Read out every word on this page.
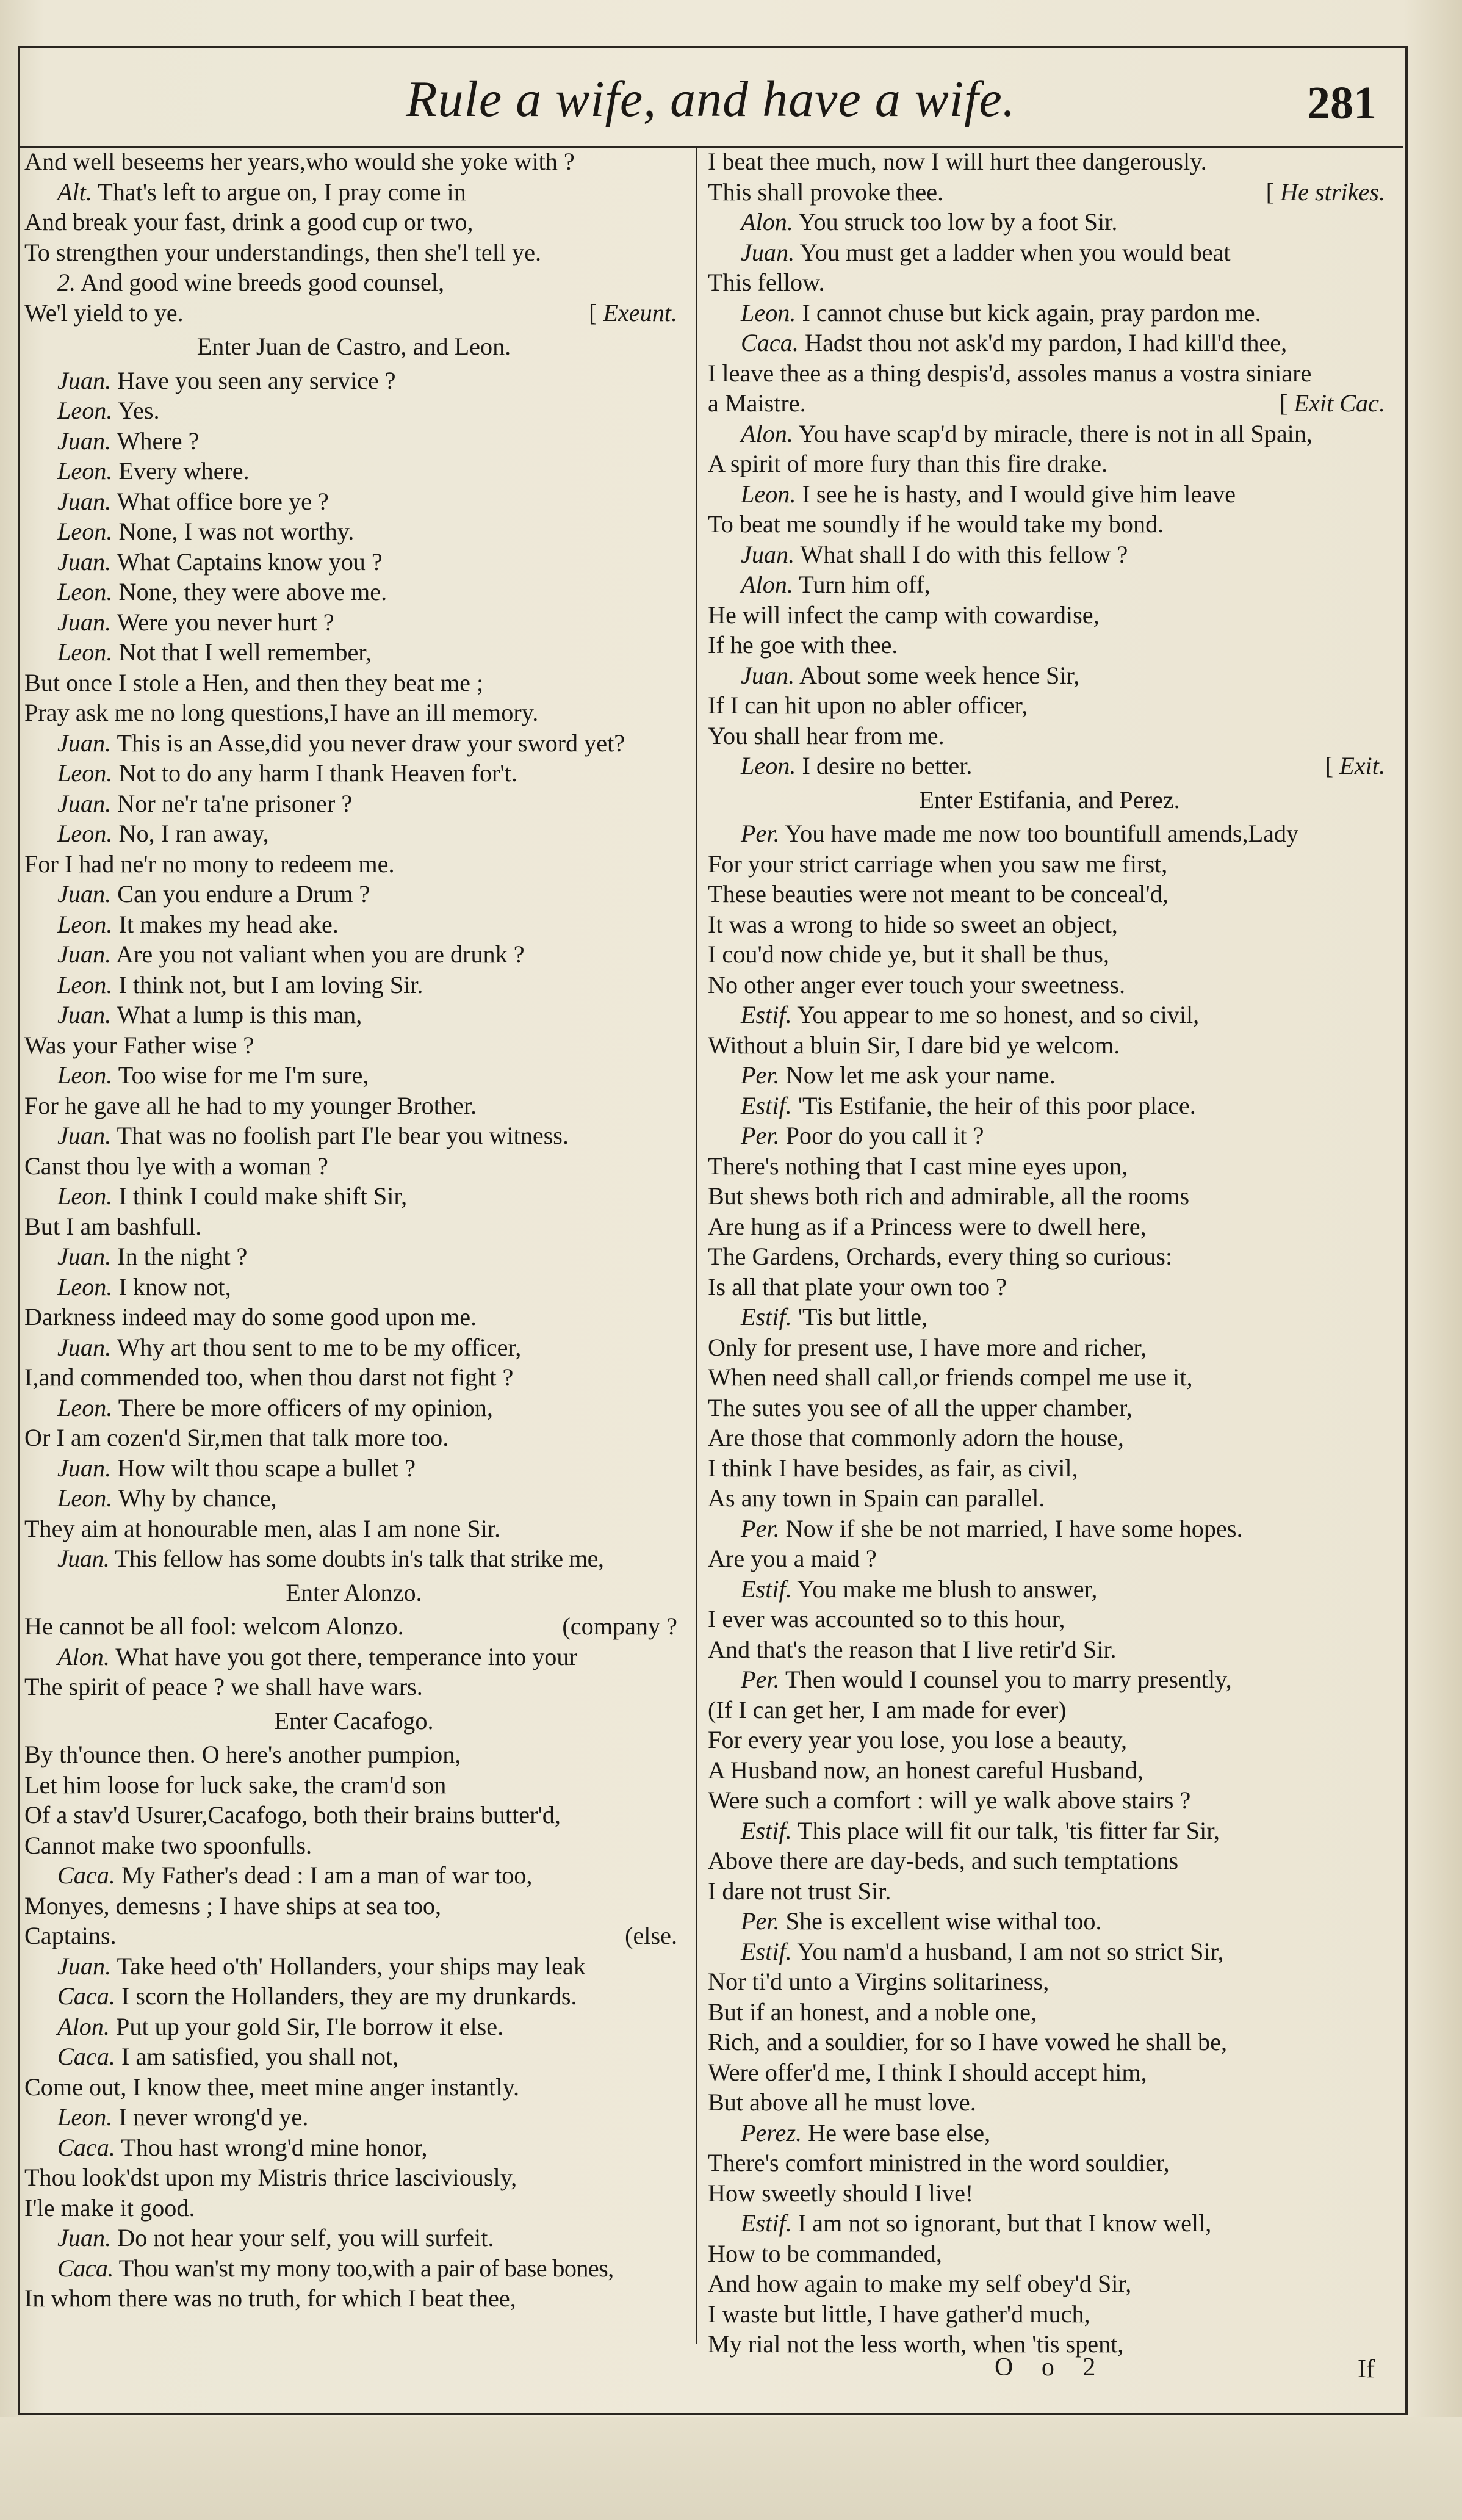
Rule a wife, and have a wife.	281
And well beseems her years,who would she yoke with ?
Alt. That's left to argue on, I pray come in
And break your fast, drink a good cup or two,
To strengthen your understandings, then she'l tell ye.
2. And good wine breeds good counsel,
We'l yield to ye.	[ Exeunt.
Enter Juan de Castro, and Leon.
Juan. Have you seen any service ?
Leon. Yes.
Juan. Where ?
Leon. Every where.
Juan. What office bore ye ?
Leon. None, I was not worthy.
Juan. What Captains know you ?
Leon. None, they were above me.
Juan. Were you never hurt ?
Leon. Not that I well remember,
But once I stole a Hen, and then they beat me ;
Pray ask me no long questions,I have an ill memory.
Juan. This is an Asse,did you never draw your sword yet?
Leon. Not to do any harm I thank Heaven for't.
Juan. Nor ne'r ta'ne prisoner ?
Leon. No, I ran away,
For I had ne'r no mony to redeem me.
Juan. Can you endure a Drum ?
Leon. It makes my head ake.
Juan. Are you not valiant when you are drunk ?
Leon. I think not, but I am loving Sir.
Juan. What a lump is this man,
Was your Father wise ?
Leon. Too wise for me I'm sure,
For he gave all he had to my younger Brother.
Juan. That was no foolish part I'le bear you witness.
Canst thou lye with a woman ?
Leon. I think I could make shift Sir,
But I am bashfull.
Juan. In the night ?
Leon. I know not,
Darkness indeed may do some good upon me.
Juan. Why art thou sent to me to be my officer,
I,and commended too, when thou darst not fight ?
Leon. There be more officers of my opinion,
Or I am cozen'd Sir,men that talk more too.
Juan. How wilt thou scape a bullet ?
Leon. Why by chance,
They aim at honourable men, alas I am none Sir.
Juan. This fellow has some doubts in's talk that strike me,
Enter Alonzo.
He cannot be all fool: welcom Alonzo.	(company ?
Alon. What have you got there, temperance into your
The spirit of peace ? we shall have wars.
Enter Cacafogo.
By th'ounce then. O here's another pumpion,
Let him loose for luck sake, the cram'd son
Of a stav'd Usurer,Cacafogo, both their brains butter'd,
Cannot make two spoonfulls.
Caca. My Father's dead : I am a man of war too,
Monyes, demesns ; I have ships at sea too,
Captains.	(else.
Juan. Take heed o'th' Hollanders, your ships may leak
Caca. I scorn the Hollanders, they are my drunkards.
Alon. Put up your gold Sir, I'le borrow it else.
Caca. I am satisfied, you shall not,
Come out, I know thee, meet mine anger instantly.
Leon. I never wrong'd ye.
Caca. Thou hast wrong'd mine honor,
Thou look'dst upon my Mistris thrice lasciviously,
I'le make it good.
Juan. Do not hear your self, you will surfeit.
Caca. Thou wan'st my mony too,with a pair of base bones,
In whom there was no truth, for which I beat thee,
I beat thee much, now I will hurt thee dangerously.
This shall provoke thee.	[ He strikes.
Alon. You struck too low by a foot Sir.
Juan. You must get a ladder when you would beat
This fellow.
Leon. I cannot chuse but kick again, pray pardon me.
Caca. Hadst thou not ask'd my pardon, I had kill'd thee,
I leave thee as a thing despis'd, assoles manus a vostra siniare
a Maistre.	[ Exit Cac.
Alon. You have scap'd by miracle, there is not in all Spain,
A spirit of more fury than this fire drake.
Leon. I see he is hasty, and I would give him leave
To beat me soundly if he would take my bond.
Juan. What shall I do with this fellow ?
Alon. Turn him off,
He will infect the camp with cowardise,
If he goe with thee.
Juan. About some week hence Sir,
If I can hit upon no abler officer,
You shall hear from me.
Leon. I desire no better.	[ Exit.
Enter Estifania, and Perez.
Per. You have made me now too bountifull amends,Lady
For your strict carriage when you saw me first,
These beauties were not meant to be conceal'd,
It was a wrong to hide so sweet an object,
I cou'd now chide ye, but it shall be thus,
No other anger ever touch your sweetness.
Estif. You appear to me so honest, and so civil,
Without a bluin Sir, I dare bid ye welcom.
Per. Now let me ask your name.
Estif. 'Tis Estifanie, the heir of this poor place.
Per. Poor do you call it ?
There's nothing that I cast mine eyes upon,
But shews both rich and admirable, all the rooms
Are hung as if a Princess were to dwell here,
The Gardens, Orchards, every thing so curious:
Is all that plate your own too ?
Estif. 'Tis but little,
Only for present use, I have more and richer,
When need shall call,or friends compel me use it,
The sutes you see of all the upper chamber,
Are those that commonly adorn the house,
I think I have besides, as fair, as civil,
As any town in Spain can parallel.
Per. Now if she be not married, I have some hopes.
Are you a maid ?
Estif. You make me blush to answer,
I ever was accounted so to this hour,
And that's the reason that I live retir'd Sir.
Per. Then would I counsel you to marry presently,
(If I can get her, I am made for ever)
For every year you lose, you lose a beauty,
A Husband now, an honest careful Husband,
Were such a comfort : will ye walk above stairs ?
Estif. This place will fit our talk, 'tis fitter far Sir,
Above there are day-beds, and such temptations
I dare not trust Sir.
Per. She is excellent wise withal too.
Estif. You nam'd a husband, I am not so strict Sir,
Nor ti'd unto a Virgins solitariness,
But if an honest, and a noble one,
Rich, and a souldier, for so I have vowed he shall be,
Were offer'd me, I think I should accept him,
But above all he must love.
Perez. He were base else,
There's comfort ministred in the word souldier,
How sweetly should I live!
Estif. I am not so ignorant, but that I know well,
How to be commanded,
And how again to make my self obey'd Sir,
I waste but little, I have gather'd much,
My rial not the less worth, when 'tis spent,
O o 2	If
